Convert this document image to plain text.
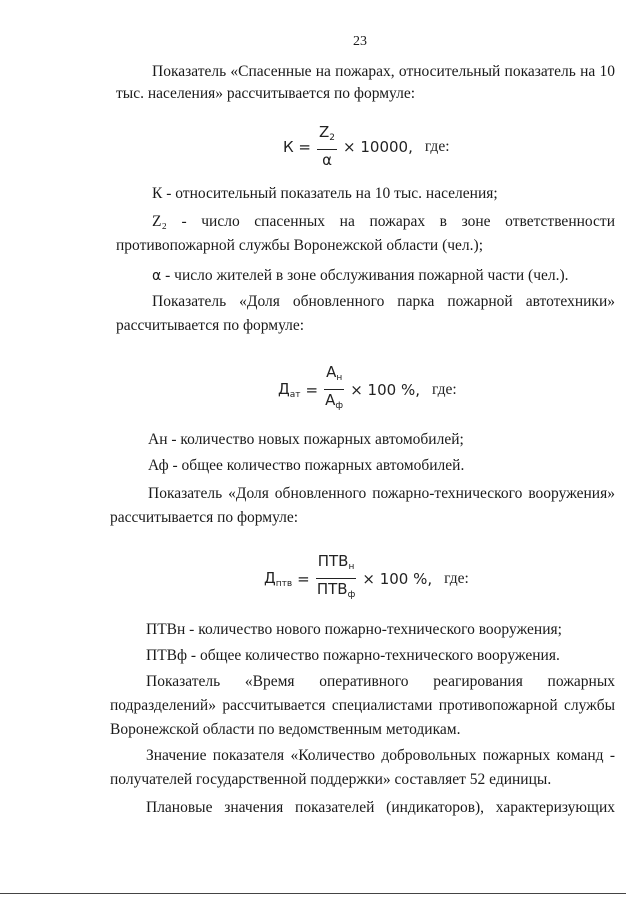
23
Показатель «Спасенные на пожарах, относительный показатель на 10
тыс. населения» рассчитывается по формуле:
$К = \frac{Z_2}{\alpha} \times 10000$, где:
К - относительный показатель на 10 тыс. населения;
Z₂ - число спасенных на пожарах в зоне ответственности
противопожарной службы Воронежской области (чел.);
α - число жителей в зоне обслуживания пожарной части (чел.).
Показатель «Доля обновленного парка пожарной автотехники»
рассчитывается по формуле:
$Д_{ат} = \frac{А_н}{А_ф} \times 100$ %, где:
Ан - количество новых пожарных автомобилей;
Аф - общее количество пожарных автомобилей.
Показатель «Доля обновленного пожарно-технического вооружения»
рассчитывается по формуле:
$Д_{птв} = \frac{ПТВ_н}{ПТВ_ф} \times 100$ %, где:
ПТВн - количество нового пожарно-технического вооружения;
ПТВф - общее количество пожарно-технического вооружения.
Показатель «Время оперативного реагирования пожарных
подразделений» рассчитывается специалистами противопожарной службы
Воронежской области по ведомственным методикам.
Значение показателя «Количество добровольных пожарных команд -
получателей государственной поддержки» составляет 52 единицы.
Плановые значения показателей (индикаторов), характеризующих
